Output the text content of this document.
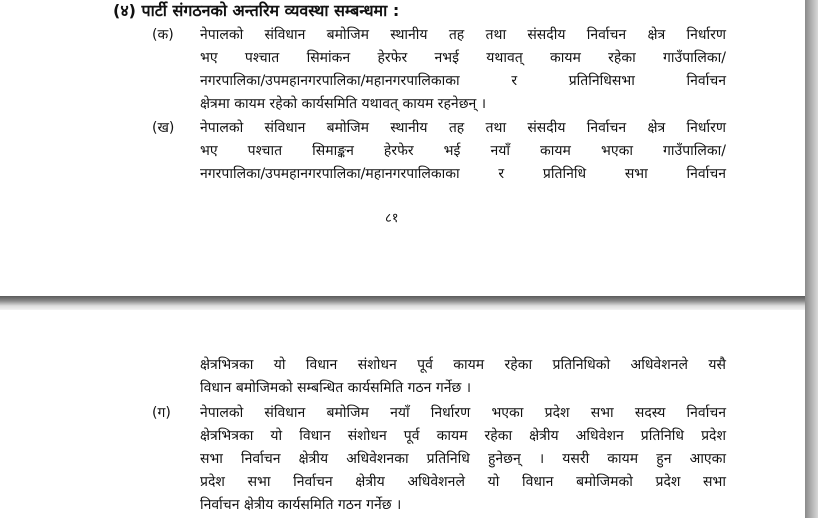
(४) पार्टी संगठनको अन्तरिम व्यवस्था सम्बन्धमा :
(क) नेपालको संविधान बमोजिम स्थानीय तह तथा संसदीय निर्वाचन क्षेत्र निर्धारण
भए पश्चात सिमांकन हेरफेर नभई यथावत् कायम रहेका गाउँपालिका/
नगरपालिका/उपमहानगरपालिका/महानगरपालिकाका र प्रतिनिधिसभा निर्वाचन
क्षेत्रमा कायम रहेको कार्यसमिति यथावत् कायम रहनेछन् ।
(ख) नेपालको संविधान बमोजिम स्थानीय तह तथा संसदीय निर्वाचन क्षेत्र निर्धारण
भए पश्चात सिमाङ्कन हेरफेर भई नयाँ कायम भएका गाउँपालिका/
नगरपालिका/उपमहानगरपालिका/महानगरपालिकाका र प्रतिनिधि सभा निर्वाचन
८१
क्षेत्रभित्रका यो विधान संशोधन पूर्व कायम रहेका प्रतिनिधिको अधिवेशनले यसै
विधान बमोजिमको सम्बन्धित कार्यसमिति गठन गर्नेछ ।
(ग) नेपालको संविधान बमोजिम नयाँ निर्धारण भएका प्रदेश सभा सदस्य निर्वाचन
क्षेत्रभित्रका यो विधान संशोधन पूर्व कायम रहेका क्षेत्रीय अधिवेशन प्रतिनिधि प्रदेश
सभा निर्वाचन क्षेत्रीय अधिवेशनका प्रतिनिधि हुनेछन् । यसरी कायम हुन आएका
प्रदेश सभा निर्वाचन क्षेत्रीय अधिवेशनले यो विधान बमोजिमको प्रदेश सभा
निर्वाचन क्षेत्रीय कार्यसमिति गठन गर्नेछ ।
